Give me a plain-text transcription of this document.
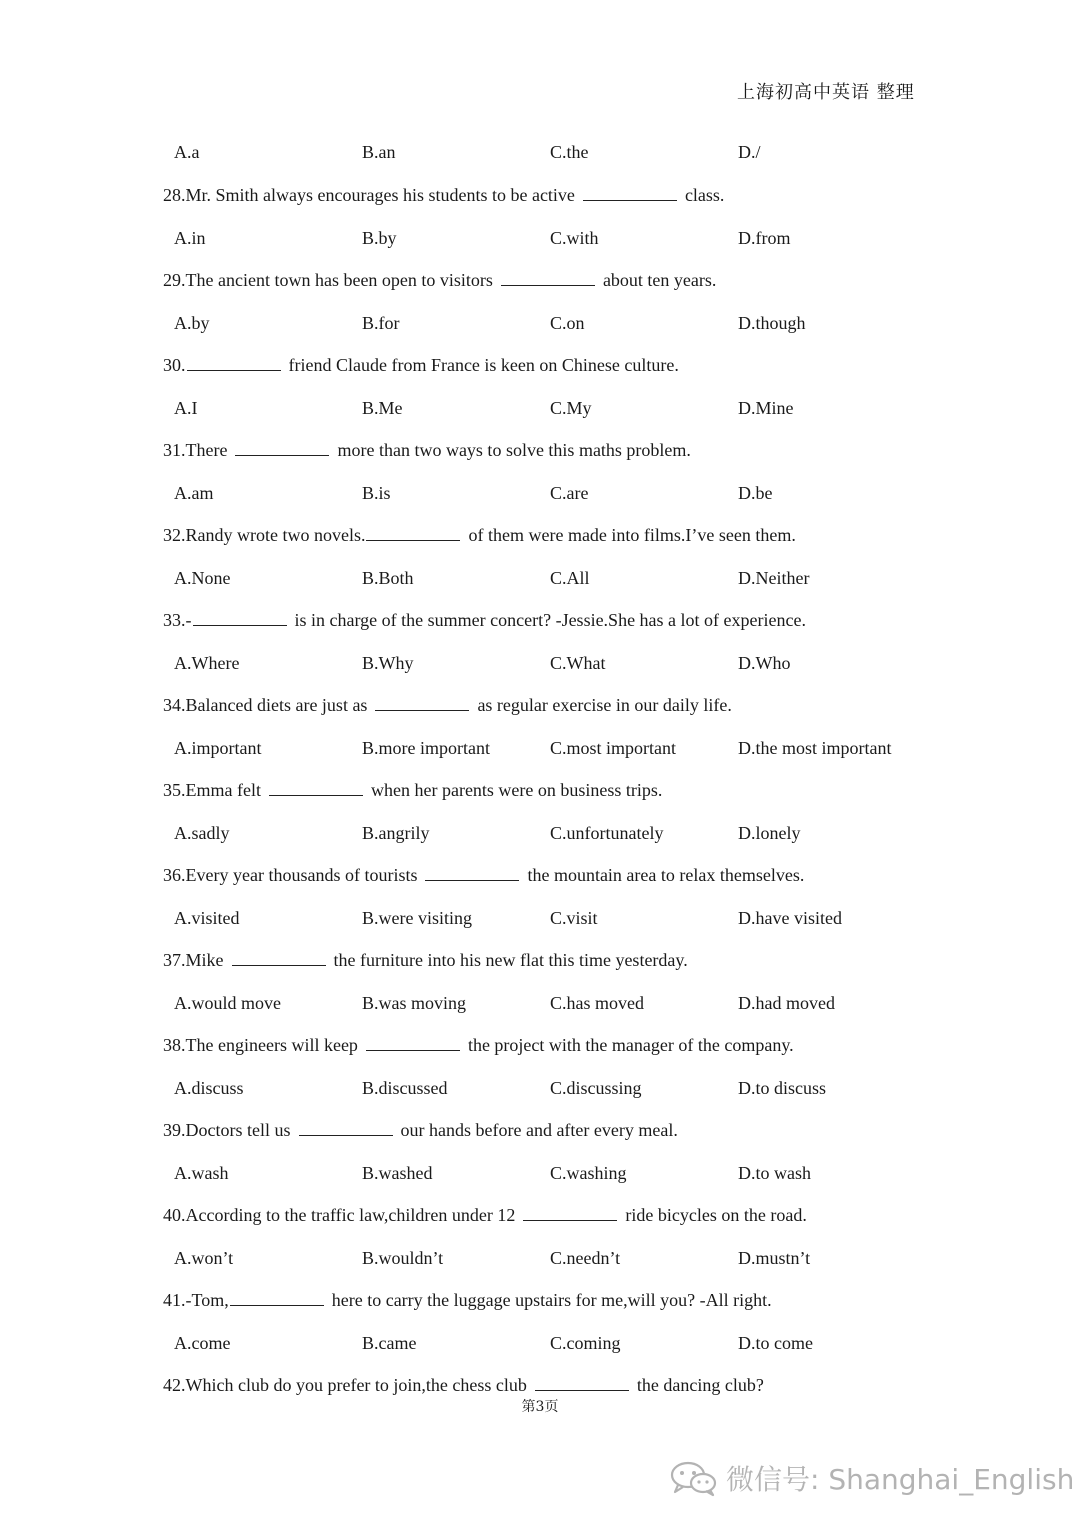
上海初高中英语 整理
A.a	B.an	C.the	D./
28.Mr. Smith always encourages his students to be active	class.
A.in	B.by	C.with	D.from
29.The ancient town has been open to visitors	about ten years.
A.by	B.for	C.on	D.though
30.	friend Claude from France is keen on Chinese culture.
A.I	B.Me	C.My	D.Mine
31.There	more than two ways to solve this maths problem.
A.am	B.is	C.are	D.be
32.Randy wrote two novels.	of them were made into films.I’ve seen them.
A.None	B.Both	C.All	D.Neither
33.-	is in charge of the summer concert? -Jessie.She has a lot of experience.
A.Where	B.Why	C.What	D.Who
34.Balanced diets are just as	as regular exercise in our daily life.
A.important	B.more important	C.most important	D.the most important
35.Emma felt	when her parents were on business trips.
A.sadly	B.angrily	C.unfortunately	D.lonely
36.Every year thousands of tourists	the mountain area to relax themselves.
A.visited	B.were visiting	C.visit	D.have visited
37.Mike	the furniture into his new flat this time yesterday.
A.would move	B.was moving	C.has moved	D.had moved
38.The engineers will keep	the project with the manager of the company.
A.discuss	B.discussed	C.discussing	D.to discuss
39.Doctors tell us	our hands before and after every meal.
A.wash	B.washed	C.washing	D.to wash
40.According to the traffic law,children under 12	ride bicycles on the road.
A.won’t	B.wouldn’t	C.needn’t	D.mustn’t
41.-Tom,	here to carry the luggage upstairs for me,will you? -All right.
A.come	B.came	C.coming	D.to come
42.Which club do you prefer to join,the chess club	the dancing club?
第3页
微信号: Shanghai_English
